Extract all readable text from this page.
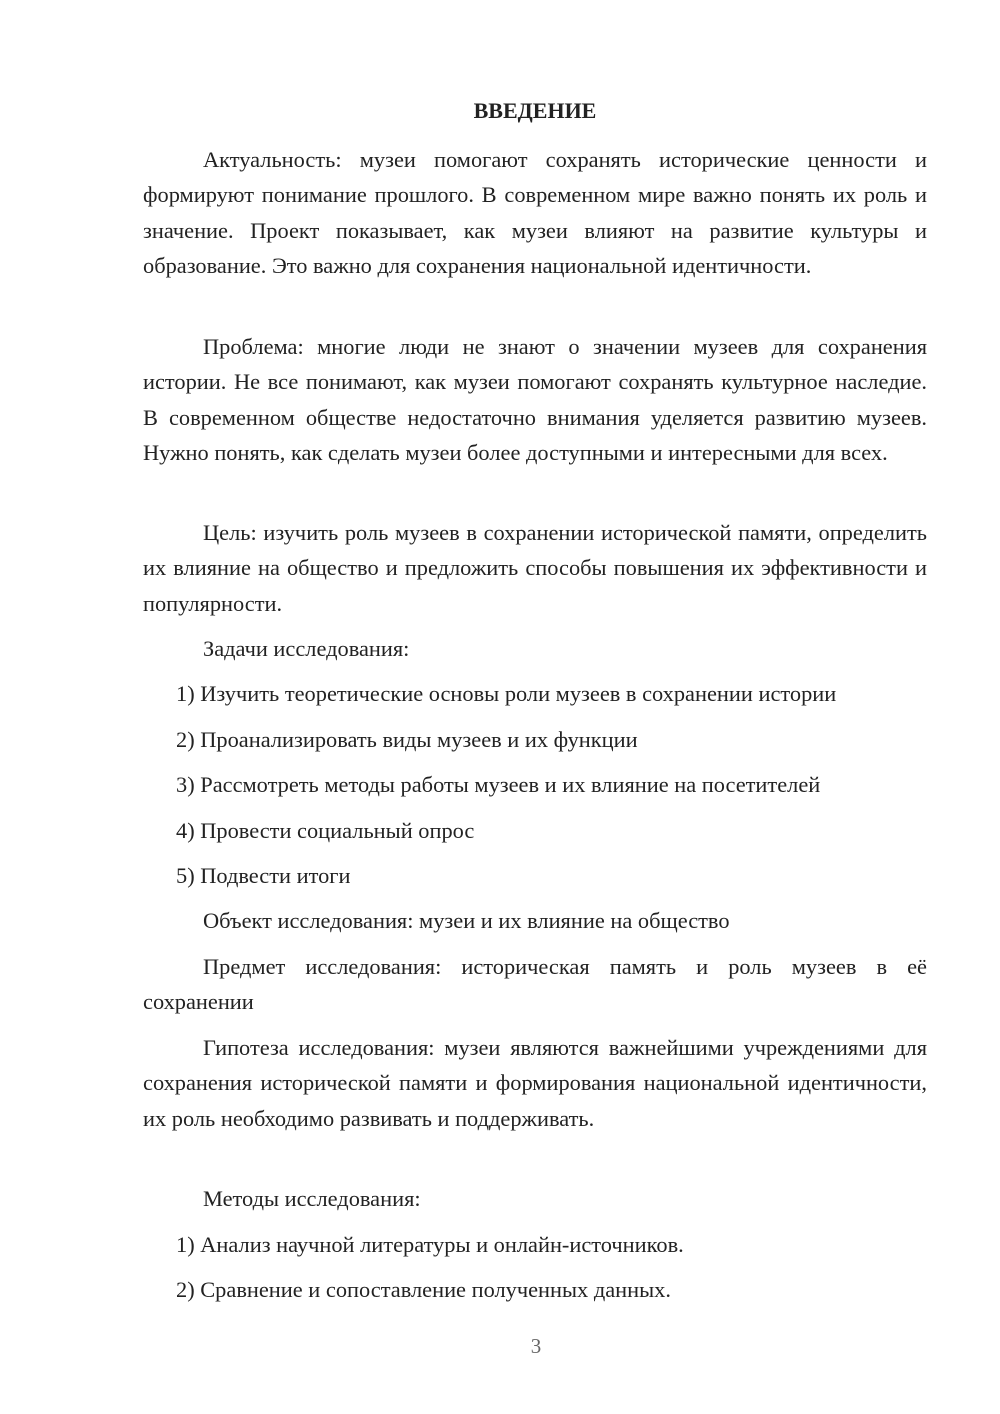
ВВЕДЕНИЕ

Актуальность: музеи помогают сохранять исторические ценности и формируют понимание прошлого. В современном мире важно понять их роль и значение. Проект показывает, как музеи влияют на развитие культуры и образование. Это важно для сохранения национальной идентичности.

Проблема: многие люди не знают о значении музеев для сохранения истории. Не все понимают, как музеи помогают сохранять культурное наследие. В современном обществе недостаточно внимания уделяется развитию музеев. Нужно понять, как сделать музеи более доступными и интересными для всех.

Цель: изучить роль музеев в сохранении исторической памяти, определить их влияние на общество и предложить способы повышения их эффективности и популярности.

Задачи исследования:

1) Изучить теоретические основы роли музеев в сохранении истории

2) Проанализировать виды музеев и их функции

3) Рассмотреть методы работы музеев и их влияние на посетителей

4) Провести социальный опрос

5) Подвести итоги

Объект исследования: музеи и их влияние на общество

Предмет исследования: историческая память и роль музеев в её сохранении

Гипотеза исследования: музеи являются важнейшими учреждениями для сохранения исторической памяти и формирования национальной идентичности, их роль необходимо развивать и поддерживать.

Методы исследования:

1) Анализ научной литературы и онлайн-источников.

2) Сравнение и сопоставление полученных данных.

3
